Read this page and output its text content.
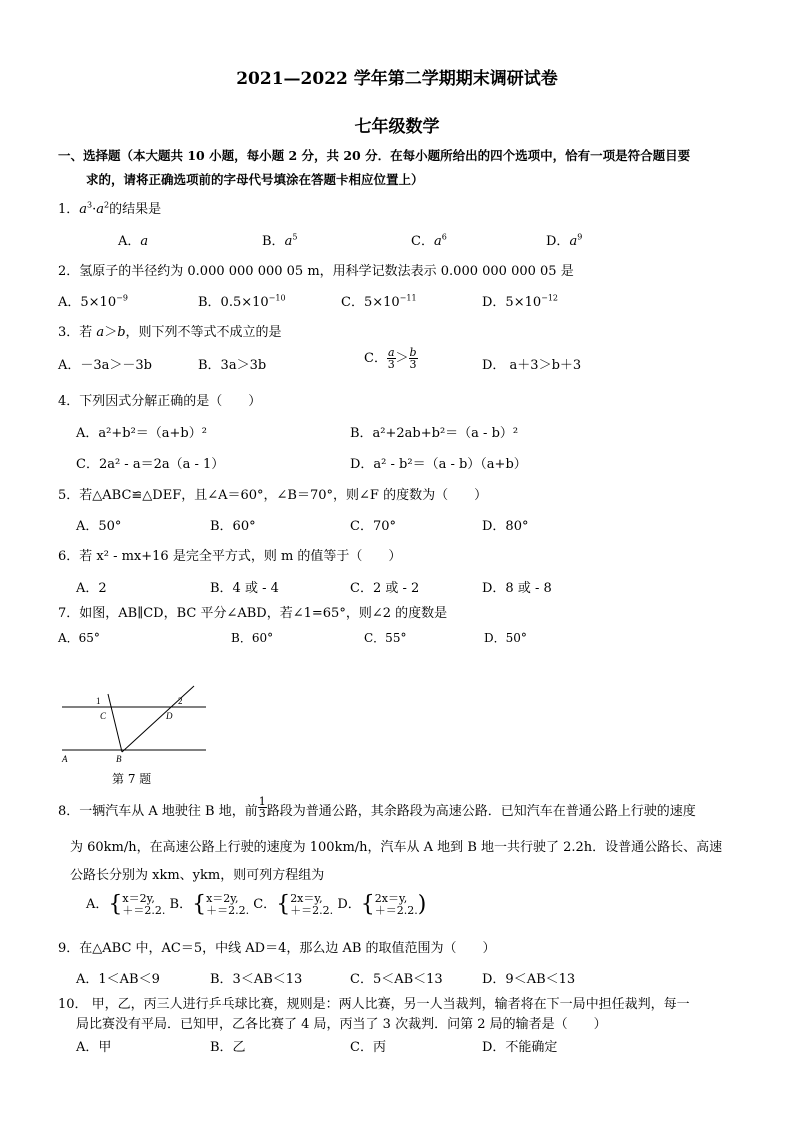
2021—2022 学年第二学期期末调研试卷
七年级数学
一、选择题（本大题共 10 小题，每小题 2 分，共 20 分．在每小题所给出的四个选项中，恰有一项是符合题目要
求的，请将正确选项前的字母代号填涂在答题卡相应位置上）
1．$a^3\cdot a^2$的结果是
A．a	B．$a^5$	C．$a^6$	D．$a^9$
2．氢原子的半径约为 0.000 000 000 05 m，用科学记数法表示 0.000 000 000 05 是
A．$5\times 10^{-9}$	B．$0.5\times 10^{-10}$	C．$5\times 10^{-11}$	D．$5\times 10^{-12}$
3．若 a＞b，则下列不等式不成立的是
A．－3a＞－3b	B．3a＞3b	C． $\frac{a}{3} > \frac{b}{3}$	D． a＋3＞b＋3
4．下列因式分解正确的是（　　）
A．a²+b²＝（a+b）²	B．a²+2ab+b²＝（a - b）²
C．2a² - a＝2a（a - 1）	D．a² - b²＝（a - b）（a+b）
5．若△ABC≌△DEF，且∠A＝60°，∠B＝70°，则∠F 的度数为（　　）
A．50°	B．60°	C．70°	D．80°
6．若 x² - mx+16 是完全平方式，则 m 的值等于（　　）
A．2	B．4 或 - 4	C．2 或 - 2	D．8 或 - 8
7．如图，AB∥CD，BC 平分∠ABD，若∠1=65°，则∠2 的度数是
A．65°	B．60°	C．55°	D．50°
1	2
C	D
A	B
第 7 题
8．一辆汽车从 A 地驶往 B 地，前 $\frac{1}{3}$ 路段为普通公路，其余路段为高速公路．已知汽车在普通公路上行驶的速度
为 60km/h，在高速公路上行驶的速度为 100km/h，汽车从 A 地到 B 地一共行驶了 2.2h．设普通公路长、高速
公路长分别为 xkm、ykm，则可列方程组为
A．{ x＝2y,
＋＝2.2. B．{ x＝2y,
＋＝2.2. C．{ 2x＝y,
＋＝2.2. D．{ 2x＝y,
＋＝2.2. )
9．在△ABC 中，AC＝5，中线 AD＝4，那么边 AB 的取值范围为（　　）
A．1＜AB＜9	B．3＜AB＜13	C．5＜AB＜13	D．9＜AB＜13
10． 甲，乙，丙三人进行乒乓球比赛，规则是：两人比赛，另一人当裁判，输者将在下一局中担任裁判，每一
局比赛没有平局．已知甲，乙各比赛了 4 局，丙当了 3 次裁判．问第 2 局的输者是（　　）
A．甲	B．乙	C．丙	D．不能确定
